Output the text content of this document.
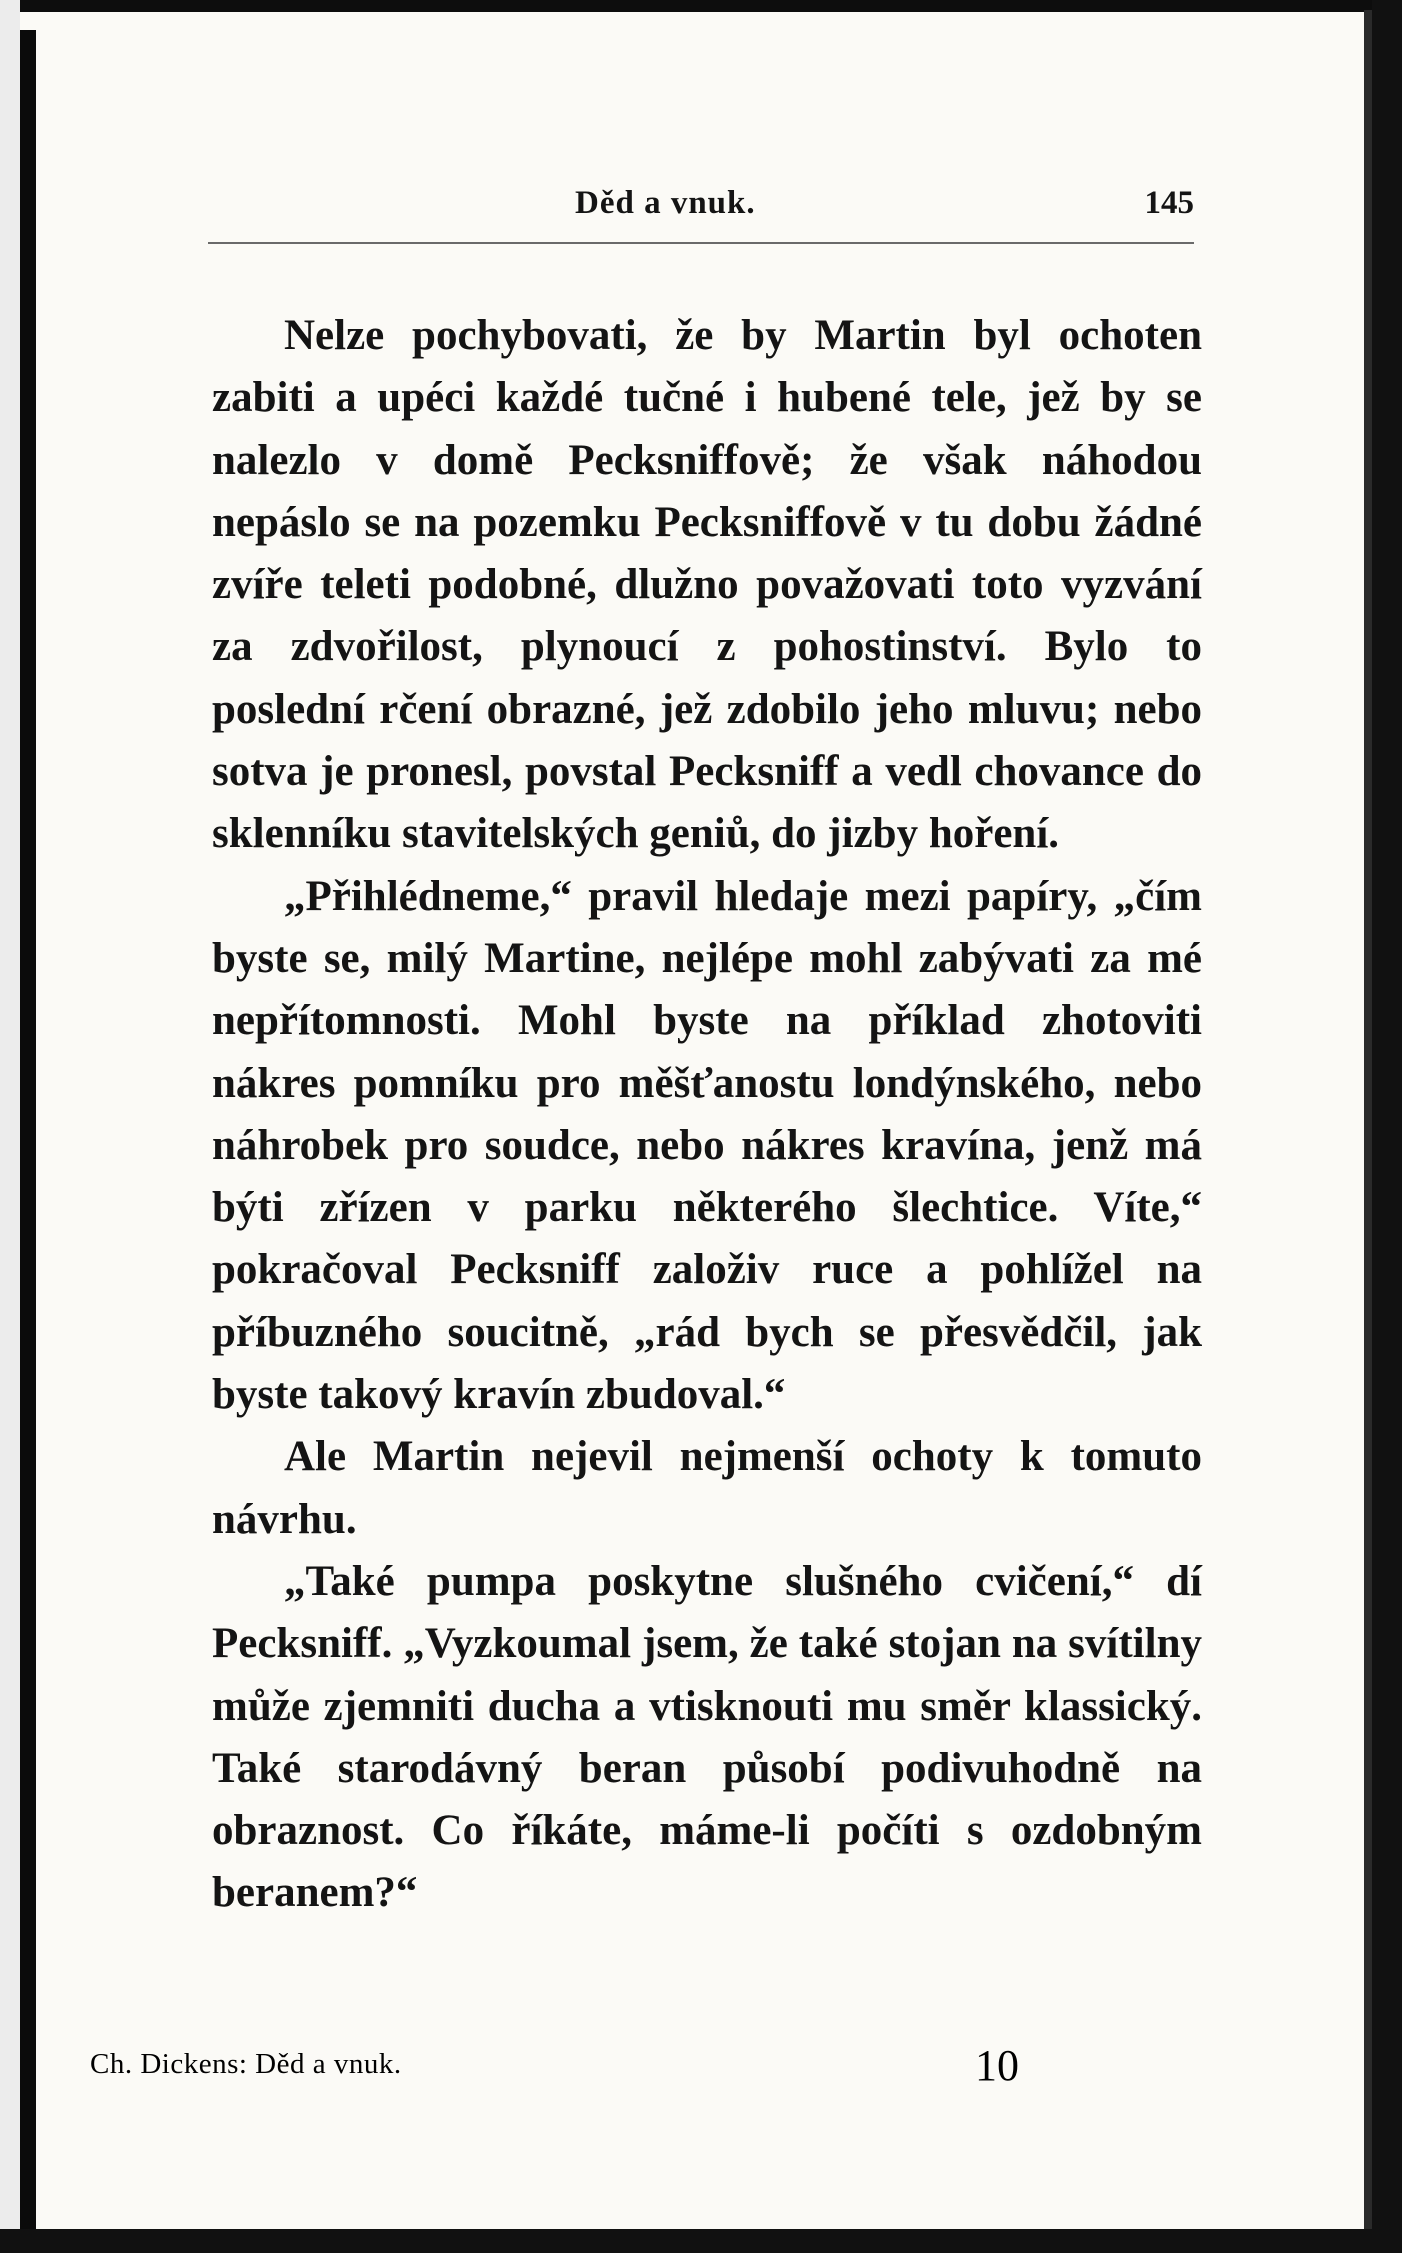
Děd a vnuk.	145

Nelze pochybovati, že by Martin byl ochoten zabiti a upéci každé tučné i hubené tele, jež by se nalezlo v domě Pecksniffově; že však náhodou nepáslo se na pozemku Pecksniffově v tu dobu žádné zvíře teleti podobné, dlužno považovati toto vyzvání za zdvořilost, plynoucí z pohostinství. Bylo to poslední rčení obrazné, jež zdobilo jeho mluvu; nebo sotva je pronesl, povstal Pecksniff a vedl chovance do sklenníku stavitelských geniů, do jizby hoření.

„Přihlédneme,“ pravil hledaje mezi papíry, „čím byste se, milý Martine, nejlépe mohl zabývati za mé nepřítomnosti. Mohl byste na příklad zhotoviti nákres pomníku pro měšťanostu londýnského, nebo náhrobek pro soudce, nebo nákres kravína, jenž má býti zřízen v parku některého šlechtice. Víte,“ pokračoval Pecksniff založiv ruce a pohlížel na příbuzného soucitně, „rád bych se přesvědčil, jak byste takový kravín zbudoval.“

Ale Martin nejevil nejmenší ochoty k tomuto návrhu.

„Také pumpa poskytne slušného cvičení,“ dí Pecksniff. „Vyzkoumal jsem, že také stojan na svítilny může zjemniti ducha a vtisknouti mu směr klassický. Také starodávný beran působí podivuhodně na obraznost. Co říkáte, máme-li počíti s ozdobným beranem?“

Ch. Dickens: Děd a vnuk.	10
